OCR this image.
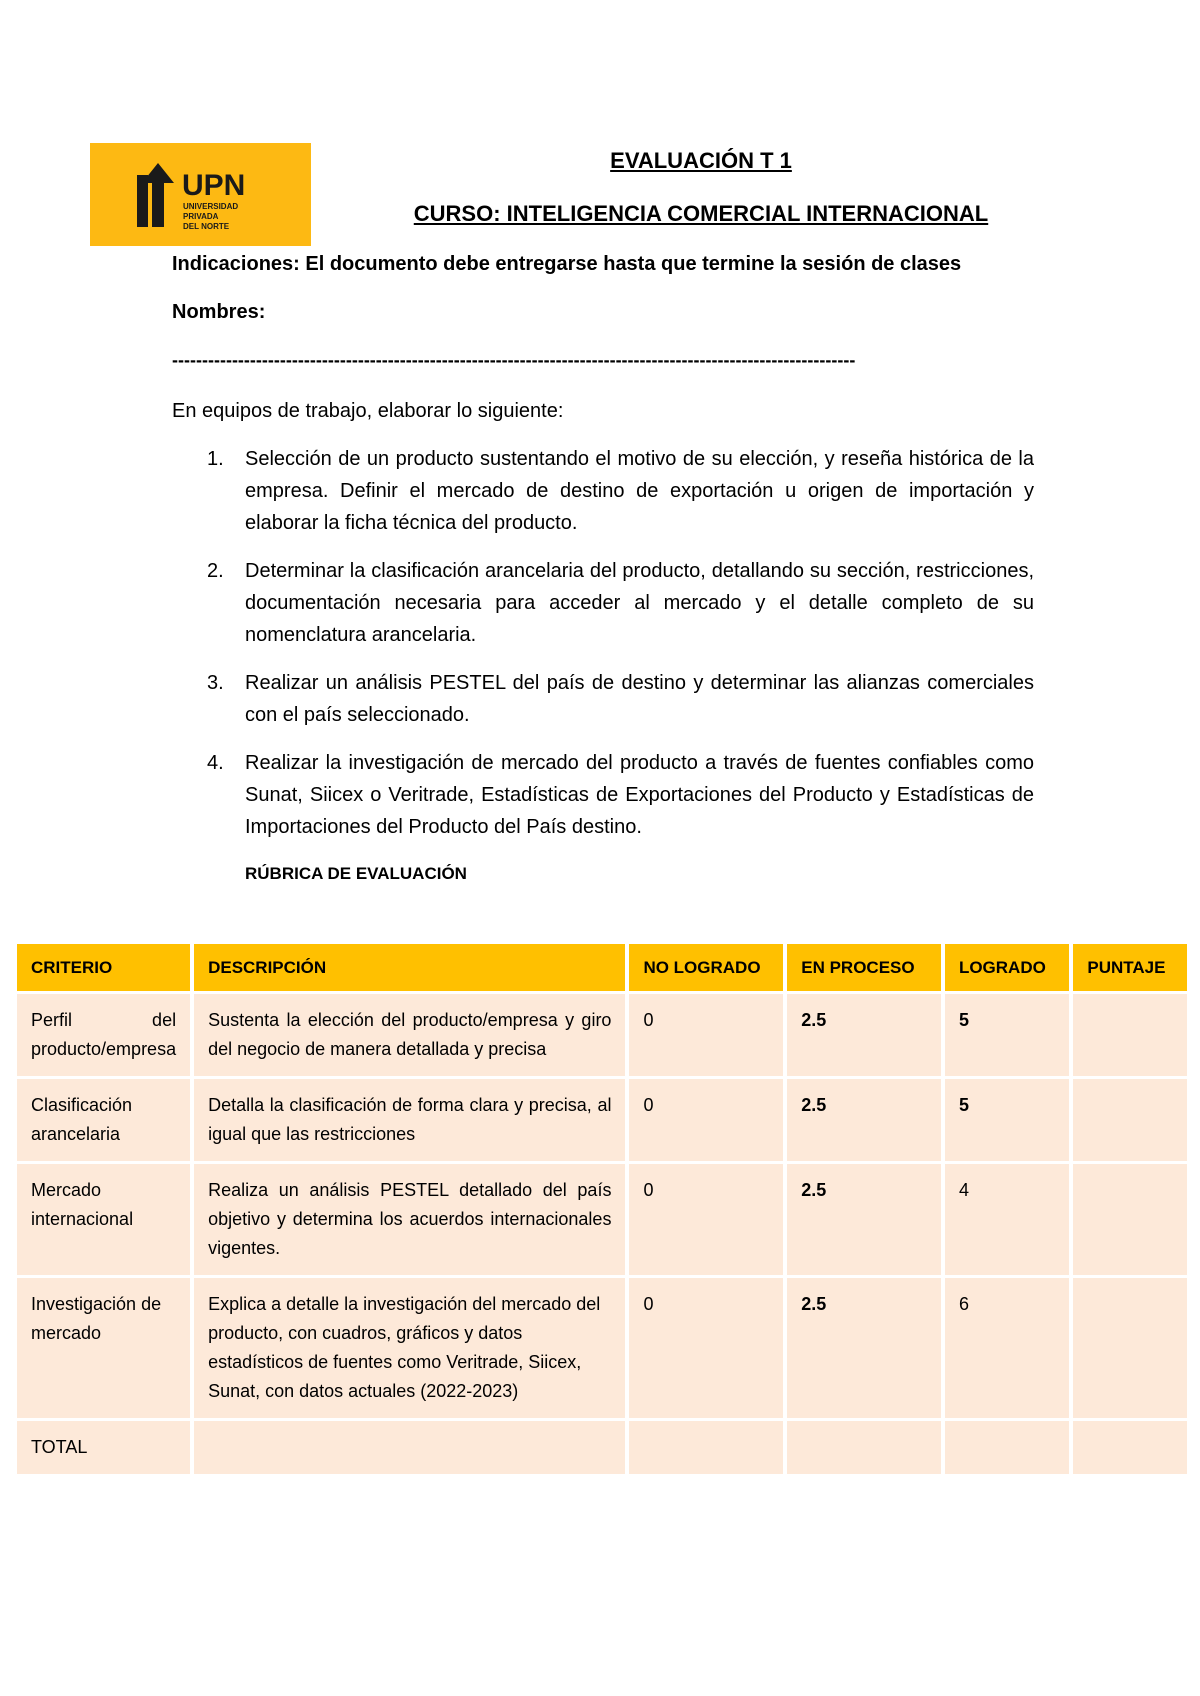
UPN
UNIVERSIDAD
PRIVADA
DEL NORTE
EVALUACIÓN T 1
CURSO: INTELIGENCIA COMERCIAL INTERNACIONAL

Indicaciones: El documento debe entregarse hasta que termine la sesión de clases

Nombres:

------------------------------------------------------------------------------------------------------------------

En equipos de trabajo, elaborar lo siguiente:

1. Selección de un producto sustentando el motivo de su elección, y reseña histórica de la empresa. Definir el mercado de destino de exportación u origen de importación y elaborar la ficha técnica del producto.
2. Determinar la clasificación arancelaria del producto, detallando su sección, restricciones, documentación necesaria para acceder al mercado y el detalle completo de su nomenclatura arancelaria.
3. Realizar un análisis PESTEL del país de destino y determinar las alianzas comerciales con el país seleccionado.
4. Realizar la investigación de mercado del producto a través de fuentes confiables como Sunat, Siicex o Veritrade, Estadísticas de Exportaciones del Producto y Estadísticas de Importaciones del Producto del País destino.

RÚBRICA DE EVALUACIÓN

CRITERIO	DESCRIPCIÓN	NO LOGRADO	EN PROCESO	LOGRADO	PUNTAJE
Perfil del producto/empresa	Sustenta la elección del producto/empresa y giro del negocio de manera detallada y precisa	0	2.5	5	
Clasificación arancelaria	Detalla la clasificación de forma clara y precisa, al igual que las restricciones	0	2.5	5	
Mercado internacional	Realiza un análisis PESTEL detallado del país objetivo y determina los acuerdos internacionales vigentes.	0	2.5	4	
Investigación de mercado	Explica a detalle la investigación del mercado del producto, con cuadros, gráficos y datos estadísticos de fuentes como Veritrade, Siicex, Sunat, con datos actuales (2022-2023)	0	2.5	6	
TOTAL					
